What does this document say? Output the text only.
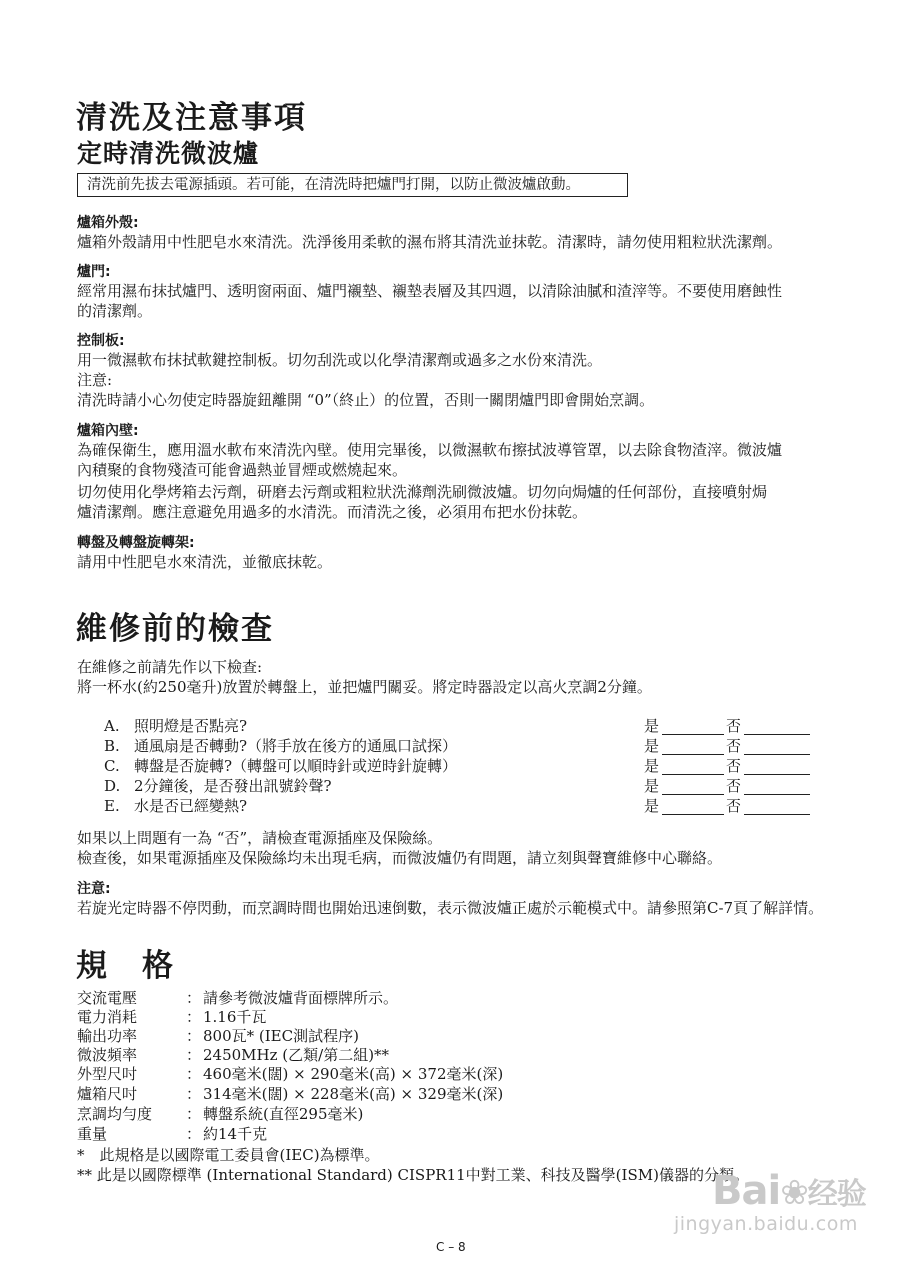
清洗及注意事項
定時清洗微波爐
清洗前先拔去電源插頭。若可能，在清洗時把爐門打開，以防止微波爐啟動。
爐箱外殼:
爐箱外殼請用中性肥皂水來清洗。洗淨後用柔軟的濕布將其清洗並抹乾。清潔時，請勿使用粗粒狀洗潔劑。
爐門:
經常用濕布抹拭爐門、透明窗兩面、爐門襯墊、襯墊表層及其四週，以清除油膩和渣滓等。不要使用磨蝕性
的清潔劑。
控制板:
用一微濕軟布抹拭軟鍵控制板。切勿刮洗或以化學清潔劑或過多之水份來清洗。
注意:
清洗時請小心勿使定時器旋鈕離開 “0”（終止）的位置，否則一關閉爐門即會開始烹調。
爐箱內壁:
為確保衛生，應用溫水軟布來清洗內壁。使用完畢後，以微濕軟布擦拭波導管罩，以去除食物渣滓。微波爐
內積聚的食物殘渣可能會過熱並冒煙或燃燒起來。
切勿使用化學烤箱去污劑，研磨去污劑或粗粒狀洗滌劑洗刷微波爐。切勿向焗爐的任何部份，直接噴射焗
爐清潔劑。應注意避免用過多的水清洗。而清洗之後，必須用布把水份抹乾。
轉盤及轉盤旋轉架:
請用中性肥皂水來清洗，並徹底抹乾。
維修前的檢查
在維修之前請先作以下檢查:
將一杯水(約250毫升)放置於轉盤上，並把爐門關妥。將定時器設定以高火烹調2分鐘。
A. 照明燈是否點亮?	是	否
B. 通風扇是否轉動?（將手放在後方的通風口試探）	是	否
C. 轉盤是否旋轉?（轉盤可以順時針或逆時針旋轉）	是	否
D. 2分鐘後，是否發出訊號鈴聲?	是	否
E. 水是否已經變熱?	是	否
如果以上問題有一為 “否”，請檢查電源插座及保險絲。
檢查後，如果電源插座及保險絲均未出現毛病，而微波爐仍有問題，請立刻與聲寶維修中心聯絡。
注意:
若旋光定時器不停閃動，而烹調時間也開始迅速倒數，表示微波爐正處於示範模式中。請參照第C-7頁了解詳情。
規　格
交流電壓	： 請參考微波爐背面標牌所示。
電力消耗	： 1.16千瓦
輸出功率	： 800瓦* (IEC測試程序)
微波頻率	： 2450MHz (乙類/第二組)**
外型尺吋	： 460毫米(闊) × 290毫米(高) × 372毫米(深)
爐箱尺吋	： 314毫米(闊) × 228毫米(高) × 329毫米(深)
烹調均勻度 ： 轉盤系統(直徑295毫米)
重量	： 約14千克
*　此規格是以國際電工委員會(IEC)為標準。
** 此是以國際標準 (International Standard) CISPR11中對工業、科技及醫學(ISM)儀器的分類。
Bai❀经验
jingyan.baidu.com
C – 8
